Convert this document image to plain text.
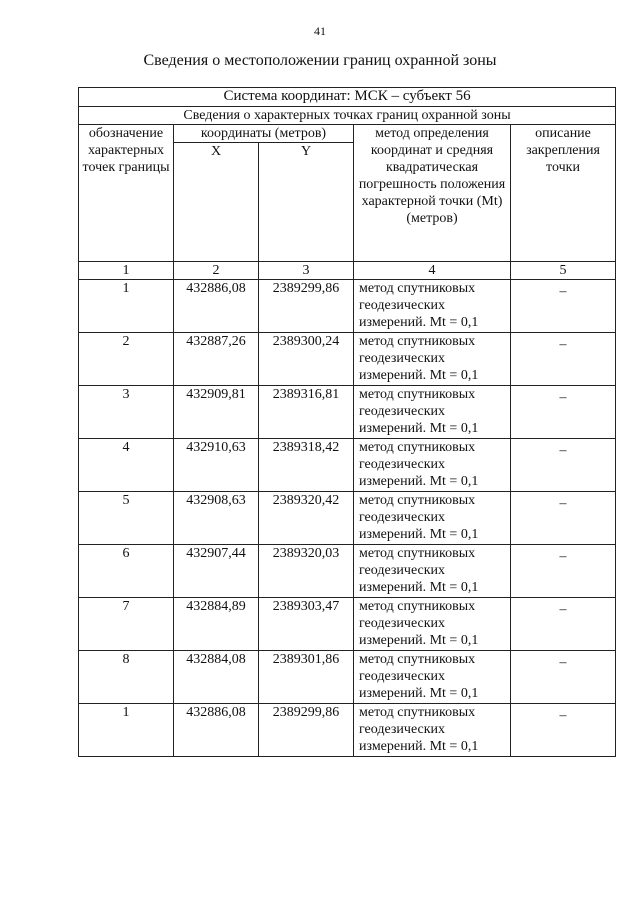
41
Сведения о местоположении границ охранной зоны
Система координат: МСК – субъект 56				
Сведения о характерных точках границ охранной зоны				
обозначение характерных точек границы	координаты (метров)		метод определения координат и средняя квадратическая погрешность положения характерной точки (Mt) (метров)	описание закрепления точки
	X	Y		
1	2	3	4	5
1	432886,08	2389299,86	метод спутниковых геодезических измерений. Mt = 0,1	–
2	432887,26	2389300,24	метод спутниковых геодезических измерений. Mt = 0,1	–
3	432909,81	2389316,81	метод спутниковых геодезических измерений. Mt = 0,1	–
4	432910,63	2389318,42	метод спутниковых геодезических измерений. Mt = 0,1	–
5	432908,63	2389320,42	метод спутниковых геодезических измерений. Mt = 0,1	–
6	432907,44	2389320,03	метод спутниковых геодезических измерений. Mt = 0,1	–
7	432884,89	2389303,47	метод спутниковых геодезических измерений. Mt = 0,1	–
8	432884,08	2389301,86	метод спутниковых геодезических измерений. Mt = 0,1	–
1	432886,08	2389299,86	метод спутниковых геодезических измерений. Mt = 0,1	–
